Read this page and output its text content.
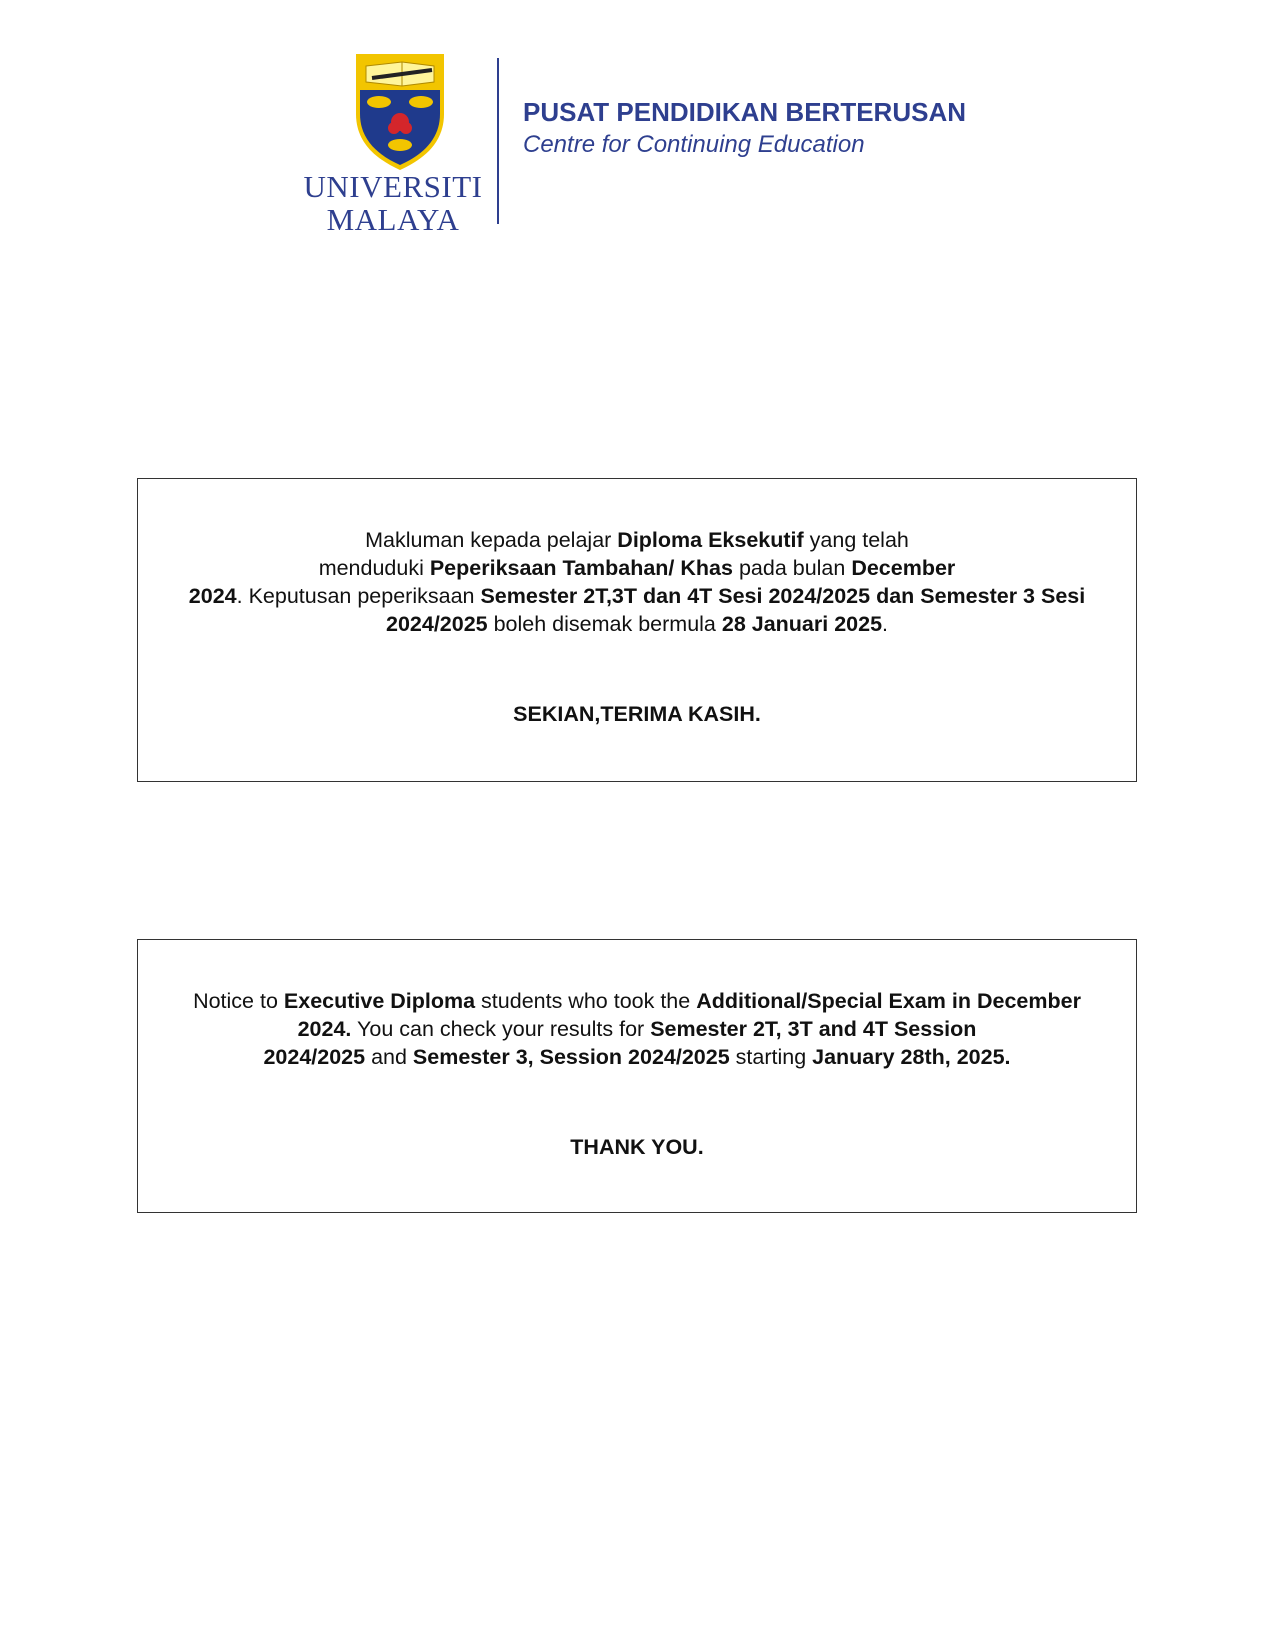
UNIVERSITI
MALAYA
PUSAT PENDIDIKAN BERTERUSAN
Centre for Continuing Education

Makluman kepada pelajar Diploma Eksekutif yang telah
menduduki Peperiksaan Tambahan/ Khas pada bulan December
2024. Keputusan peperiksaan Semester 2T,3T dan 4T Sesi 2024/2025 dan Semester 3 Sesi
2024/2025 boleh disemak bermula 28 Januari 2025.

SEKIAN,TERIMA KASIH.

Notice to Executive Diploma students who took the Additional/Special Exam in December
2024. You can check your results for Semester 2T, 3T and 4T Session
2024/2025 and Semester 3, Session 2024/2025 starting January 28th, 2025.

THANK YOU.
